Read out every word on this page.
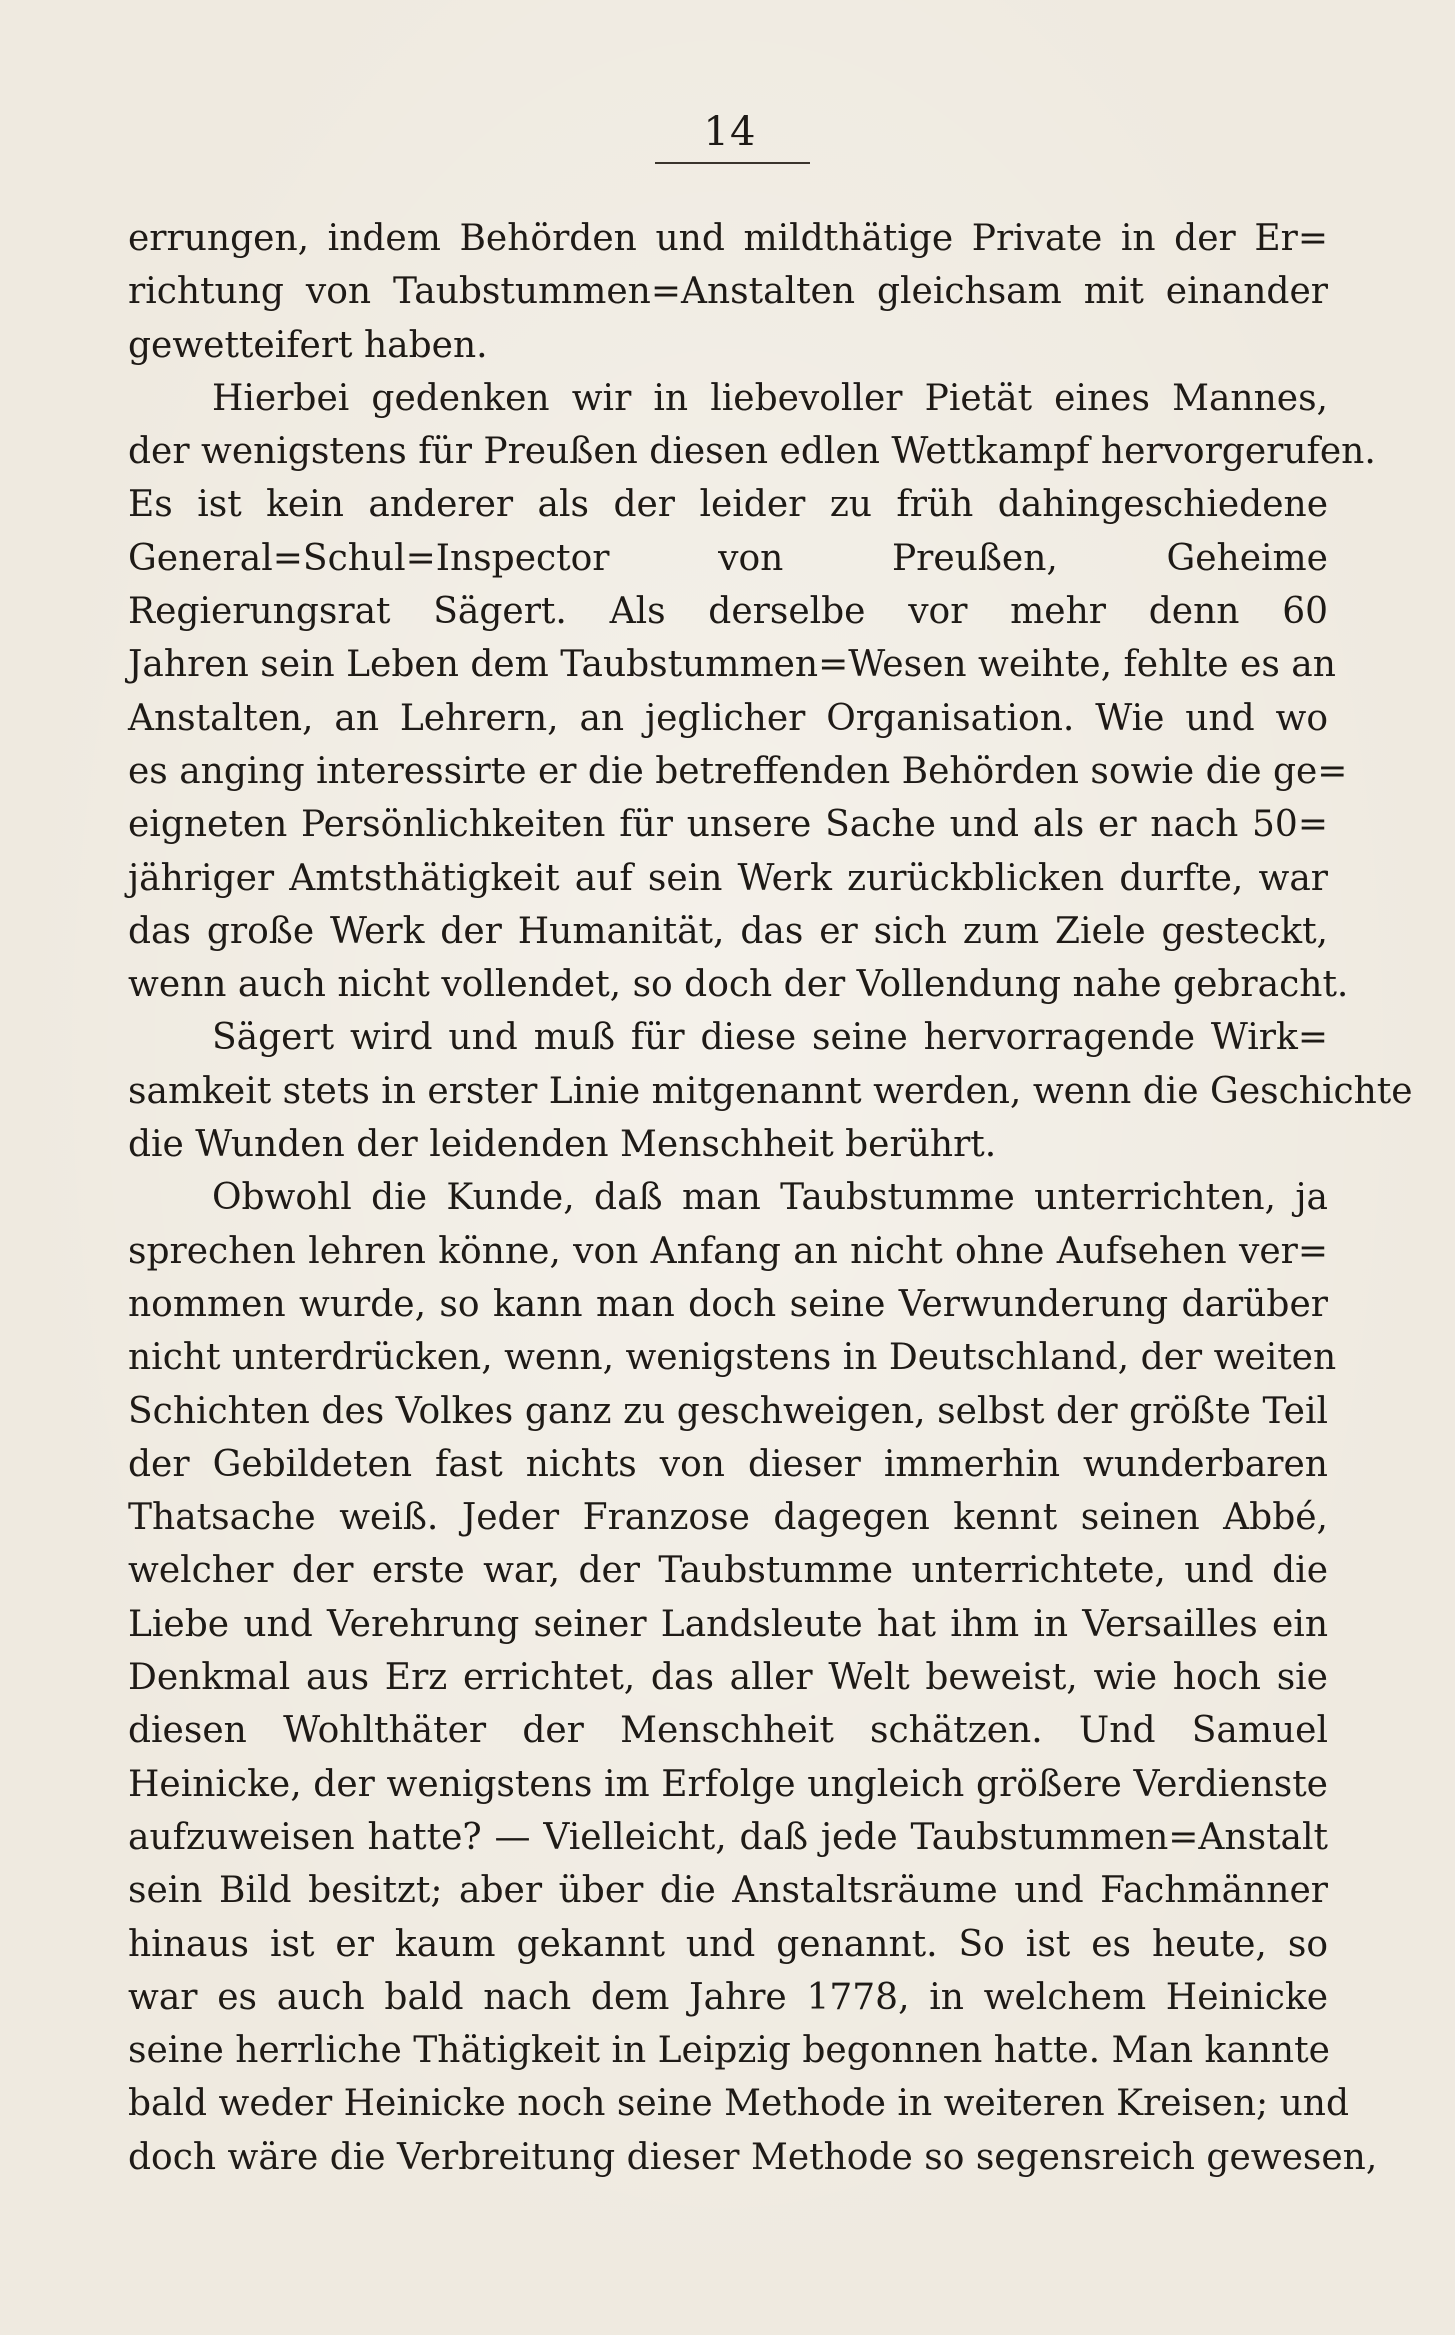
14
errungen, indem Behörden und mildthätige Private in der Er=
richtung von Taubstummen=Anstalten gleichsam mit einander
gewetteifert haben.
Hierbei gedenken wir in liebevoller Pietät eines Mannes,
der wenigstens für Preußen diesen edlen Wettkampf hervorgerufen.
Es ist kein anderer als der leider zu früh dahingeschiedene
General=Schul=Inspector von Preußen, Geheime
Regierungsrat Sägert. Als derselbe vor mehr denn 60
Jahren sein Leben dem Taubstummen=Wesen weihte, fehlte es an
Anstalten, an Lehrern, an jeglicher Organisation. Wie und wo
es anging interessirte er die betreffenden Behörden sowie die ge=
eigneten Persönlichkeiten für unsere Sache und als er nach 50=
jähriger Amtsthätigkeit auf sein Werk zurückblicken durfte, war
das große Werk der Humanität, das er sich zum Ziele gesteckt,
wenn auch nicht vollendet, so doch der Vollendung nahe gebracht.
Sägert wird und muß für diese seine hervorragende Wirk=
samkeit stets in erster Linie mitgenannt werden, wenn die Geschichte
die Wunden der leidenden Menschheit berührt.
Obwohl die Kunde, daß man Taubstumme unterrichten, ja
sprechen lehren könne, von Anfang an nicht ohne Aufsehen ver=
nommen wurde, so kann man doch seine Verwunderung darüber
nicht unterdrücken, wenn, wenigstens in Deutschland, der weiten
Schichten des Volkes ganz zu geschweigen, selbst der größte Teil
der Gebildeten fast nichts von dieser immerhin wunderbaren
Thatsache weiß. Jeder Franzose dagegen kennt seinen Abbé,
welcher der erste war, der Taubstumme unterrichtete, und die
Liebe und Verehrung seiner Landsleute hat ihm in Versailles ein
Denkmal aus Erz errichtet, das aller Welt beweist, wie hoch sie
diesen Wohlthäter der Menschheit schätzen. Und Samuel
Heinicke, der wenigstens im Erfolge ungleich größere Verdienste
aufzuweisen hatte? — Vielleicht, daß jede Taubstummen=Anstalt
sein Bild besitzt; aber über die Anstaltsräume und Fachmänner
hinaus ist er kaum gekannt und genannt. So ist es heute, so
war es auch bald nach dem Jahre 1778, in welchem Heinicke
seine herrliche Thätigkeit in Leipzig begonnen hatte. Man kannte
bald weder Heinicke noch seine Methode in weiteren Kreisen; und
doch wäre die Verbreitung dieser Methode so segensreich gewesen,
